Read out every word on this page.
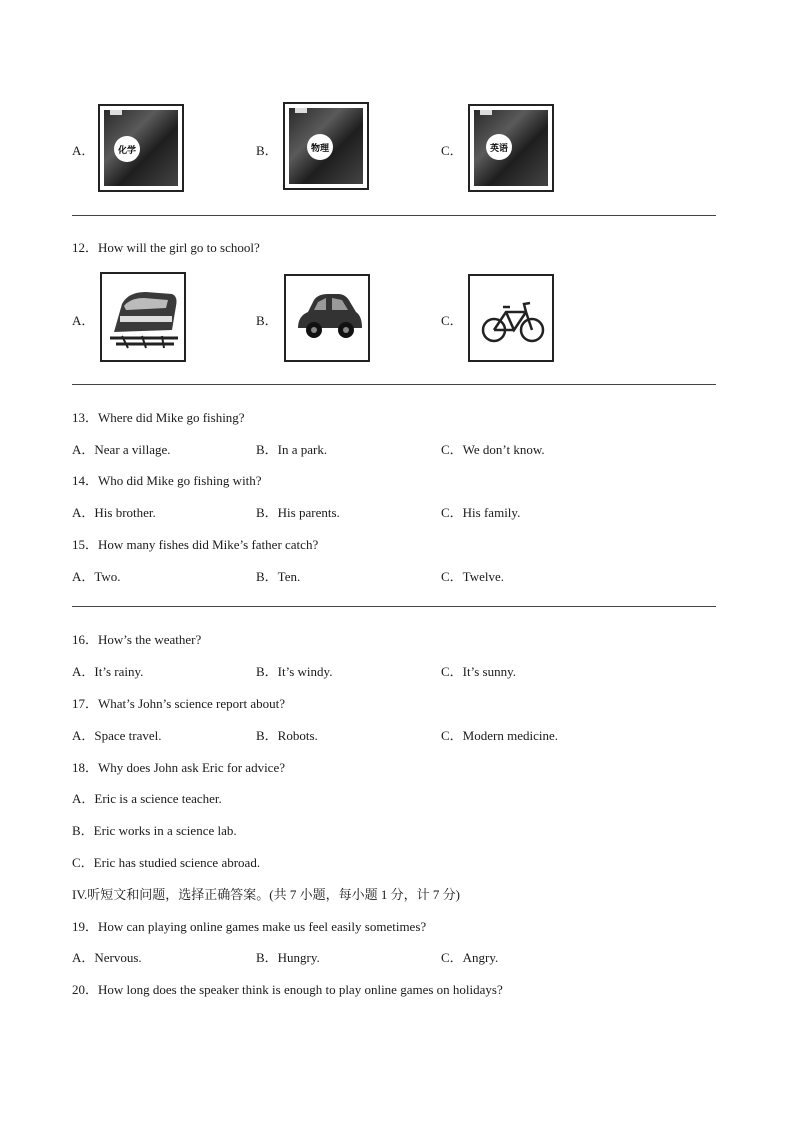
A．	化学	B．	物理	C．	英语
12．How will the girl go to school?
A．	B．	C．
13．Where did Mike go fishing?
A．Near a village.	B．In a park.	C．We don’t know.
14．Who did Mike go fishing with?
A．His brother.	B．His parents.	C．His family.
15．How many fishes did Mike’s father catch?
A．Two.	B．Ten.	C．Twelve.
16．How’s the weather?
A．It’s rainy.	B．It’s windy.	C．It’s sunny.
17．What’s John’s science report about?
A．Space travel.	B．Robots.	C．Modern medicine.
18．Why does John ask Eric for advice?
A．Eric is a science teacher.
B．Eric works in a science lab.
C．Eric has studied science abroad.
IV.听短文和问题，选择正确答案。(共 7 小题，每小题 1 分，计 7 分)
19．How can playing online games make us feel easily sometimes?
A．Nervous.	B．Hungry.	C．Angry.
20．How long does the speaker think is enough to play online games on holidays?
